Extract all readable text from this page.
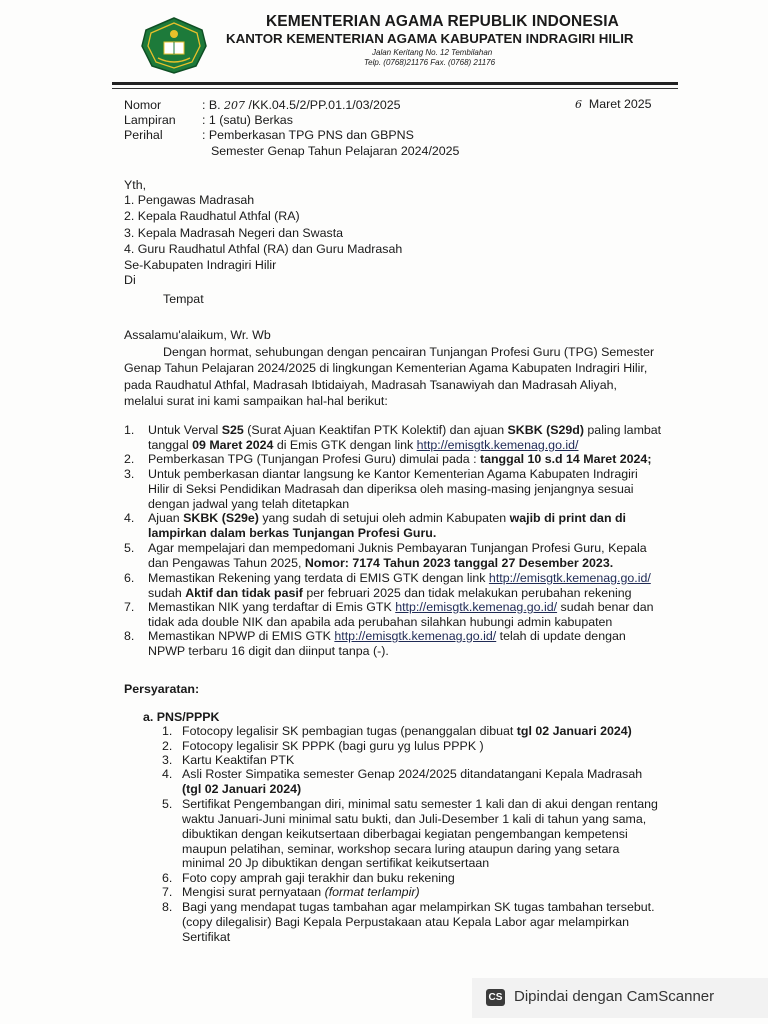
KEMENTERIAN AGAMA REPUBLIK INDONESIA
KANTOR KEMENTERIAN AGAMA KABUPATEN INDRAGIRI HILIR
Jalan Keritang No. 12 Tembilahan
Telp. (0768)21176 Fax. (0768) 21176
Nomor	: B. 207 /KK.04.5/2/PP.01.1/03/2025	6 Maret 2025
Lampiran : 1 (satu) Berkas
Perihal	: Pemberkasan TPG PNS dan GBPNS
Semester Genap Tahun Pelajaran 2024/2025
Yth,
1. Pengawas Madrasah
2. Kepala Raudhatul Athfal (RA)
3. Kepala Madrasah Negeri dan Swasta
4. Guru Raudhatul Athfal (RA) dan Guru Madrasah
Se-Kabupaten Indragiri Hilir
Di
Tempat
Assalamu'alaikum, Wr. Wb
Dengan hormat, sehubungan dengan pencairan Tunjangan Profesi Guru (TPG) Semester
Genap Tahun Pelajaran 2024/2025 di lingkungan Kementerian Agama Kabupaten Indragiri Hilir,
pada Raudhatul Athfal, Madrasah Ibtidaiyah, Madrasah Tsanawiyah dan Madrasah Aliyah,
melalui surat ini kami sampaikan hal-hal berikut:
1. Untuk Verval S25 (Surat Ajuan Keaktifan PTK Kolektif) dan ajuan SKBK (S29d) paling lambat
tanggal 09 Maret 2024 di Emis GTK dengan link http://emisgtk.kemenag.go.id/
2. Pemberkasan TPG (Tunjangan Profesi Guru) dimulai pada : tanggal 10 s.d 14 Maret 2024;
3. Untuk pemberkasan diantar langsung ke Kantor Kementerian Agama Kabupaten Indragiri
Hilir di Seksi Pendidikan Madrasah dan diperiksa oleh masing-masing jenjangnya sesuai
dengan jadwal yang telah ditetapkan
4. Ajuan SKBK (S29e) yang sudah di setujui oleh admin Kabupaten wajib di print dan di
lampirkan dalam berkas Tunjangan Profesi Guru.
5. Agar mempelajari dan mempedomani Juknis Pembayaran Tunjangan Profesi Guru, Kepala
dan Pengawas Tahun 2025, Nomor: 7174 Tahun 2023 tanggal 27 Desember 2023.
6. Memastikan Rekening yang terdata di EMIS GTK dengan link http://emisgtk.kemenag.go.id/
sudah Aktif dan tidak pasif per februari 2025 dan tidak melakukan perubahan rekening
7. Memastikan NIK yang terdaftar di Emis GTK http://emisgtk.kemenag.go.id/ sudah benar dan
tidak ada double NIK dan apabila ada perubahan silahkan hubungi admin kabupaten
8. Memastikan NPWP di EMIS GTK http://emisgtk.kemenag.go.id/ telah di update dengan
NPWP terbaru 16 digit dan diinput tanpa (-).
Persyaratan:
a. PNS/PPPK
1. Fotocopy legalisir SK pembagian tugas (penanggalan dibuat tgl 02 Januari 2024)
2. Fotocopy legalisir SK PPPK (bagi guru yg lulus PPPK )
3. Kartu Keaktifan PTK
4. Asli Roster Simpatika semester Genap 2024/2025 ditandatangani Kepala Madrasah
(tgl 02 Januari 2024)
5. Sertifikat Pengembangan diri, minimal satu semester 1 kali dan di akui dengan rentang
waktu Januari-Juni minimal satu bukti, dan Juli-Desember 1 kali di tahun yang sama,
dibuktikan dengan keikutsertaan diberbagai kegiatan pengembangan kempetensi
maupun pelatihan, seminar, workshop secara luring ataupun daring yang setara
minimal 20 Jp dibuktikan dengan sertifikat keikutsertaan
6. Foto copy amprah gaji terakhir dan buku rekening
7. Mengisi surat pernyataan (format terlampir)
8. Bagi yang mendapat tugas tambahan agar melampirkan SK tugas tambahan tersebut.
(copy dilegalisir) Bagi Kepala Perpustakaan atau Kepala Labor agar melampirkan
Sertifikat
CS Dipindai dengan CamScanner
